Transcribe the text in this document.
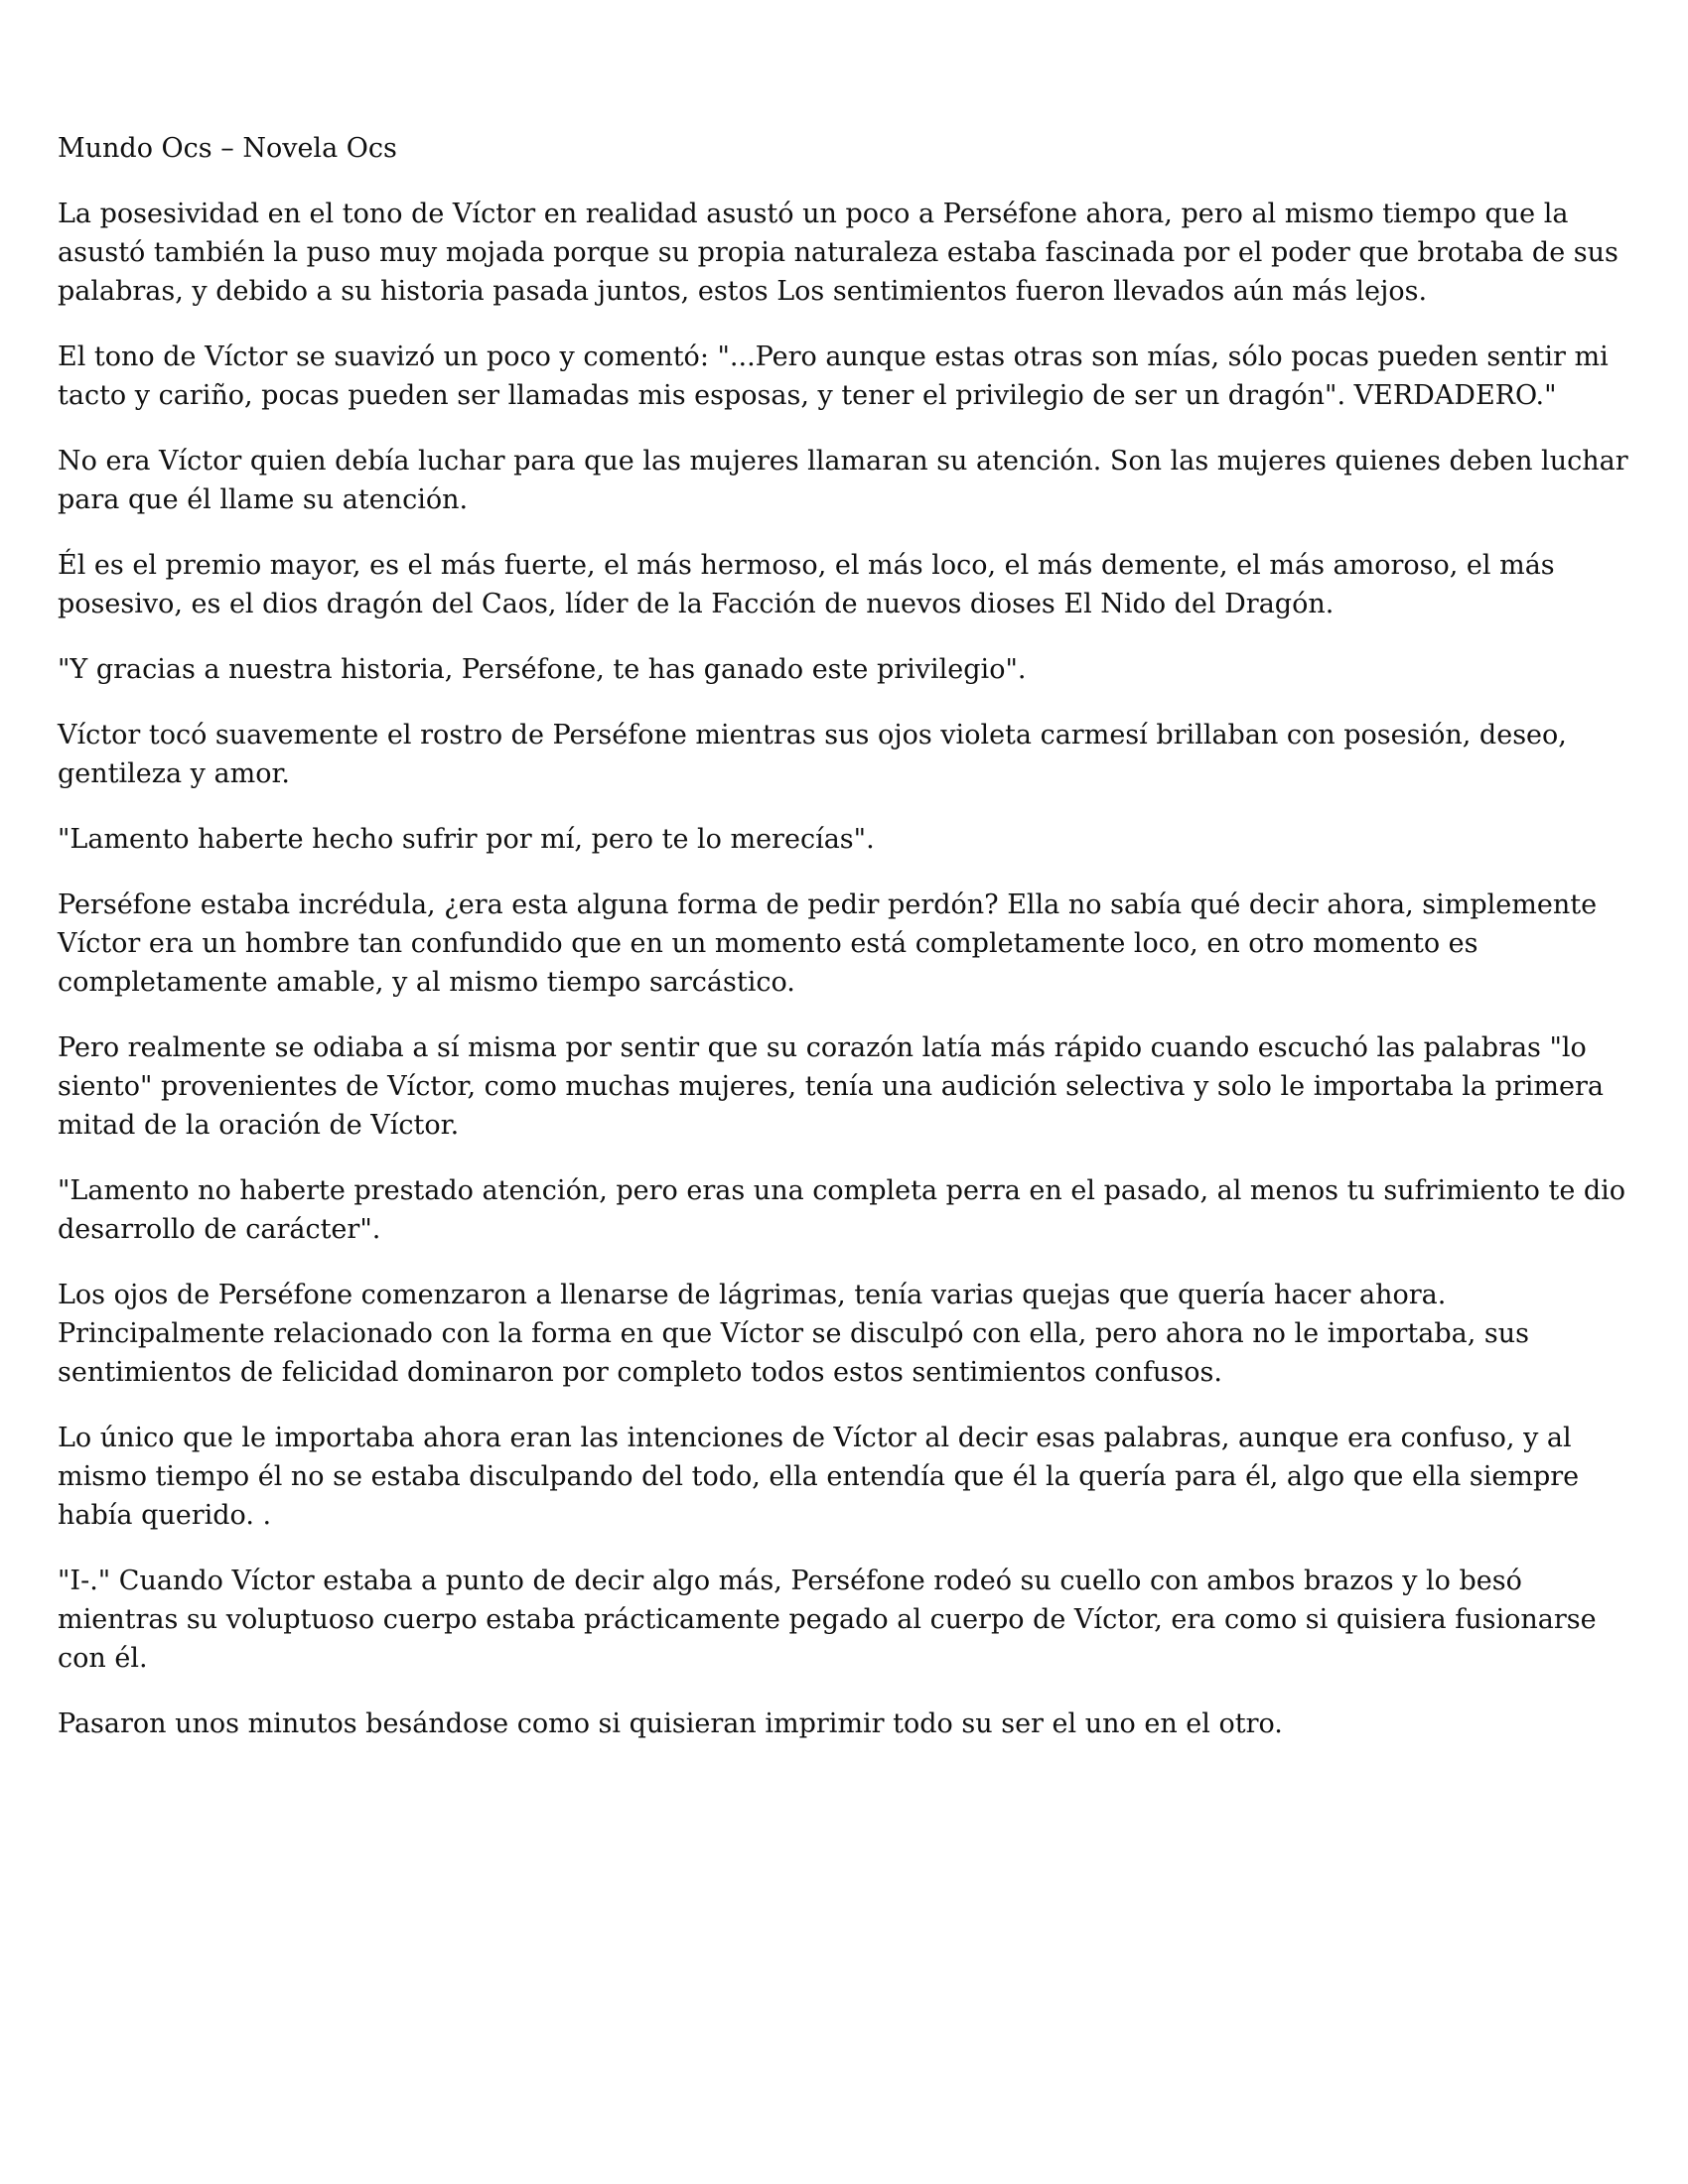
Mundo Ocs – Novela Ocs

La posesividad en el tono de Víctor en realidad asustó un poco a Perséfone ahora, pero al mismo tiempo que la asustó también la puso muy mojada porque su propia naturaleza estaba fascinada por el poder que brotaba de sus palabras, y debido a su historia pasada juntos, estos Los sentimientos fueron llevados aún más lejos.

El tono de Víctor se suavizó un poco y comentó: "...Pero aunque estas otras son mías, sólo pocas pueden sentir mi tacto y cariño, pocas pueden ser llamadas mis esposas, y tener el privilegio de ser un dragón". VERDADERO."

No era Víctor quien debía luchar para que las mujeres llamaran su atención. Son las mujeres quienes deben luchar para que él llame su atención.

Él es el premio mayor, es el más fuerte, el más hermoso, el más loco, el más demente, el más amoroso, el más posesivo, es el dios dragón del Caos, líder de la Facción de nuevos dioses El Nido del Dragón.

"Y gracias a nuestra historia, Perséfone, te has ganado este privilegio".

Víctor tocó suavemente el rostro de Perséfone mientras sus ojos violeta carmesí brillaban con posesión, deseo, gentileza y amor.

"Lamento haberte hecho sufrir por mí, pero te lo merecías".

Perséfone estaba incrédula, ¿era esta alguna forma de pedir perdón? Ella no sabía qué decir ahora, simplemente Víctor era un hombre tan confundido que en un momento está completamente loco, en otro momento es completamente amable, y al mismo tiempo sarcástico.

Pero realmente se odiaba a sí misma por sentir que su corazón latía más rápido cuando escuchó las palabras "lo siento" provenientes de Víctor, como muchas mujeres, tenía una audición selectiva y solo le importaba la primera mitad de la oración de Víctor.

"Lamento no haberte prestado atención, pero eras una completa perra en el pasado, al menos tu sufrimiento te dio desarrollo de carácter".

Los ojos de Perséfone comenzaron a llenarse de lágrimas, tenía varias quejas que quería hacer ahora. Principalmente relacionado con la forma en que Víctor se disculpó con ella, pero ahora no le importaba, sus sentimientos de felicidad dominaron por completo todos estos sentimientos confusos.

Lo único que le importaba ahora eran las intenciones de Víctor al decir esas palabras, aunque era confuso, y al mismo tiempo él no se estaba disculpando del todo, ella entendía que él la quería para él, algo que ella siempre había querido. .

"I-." Cuando Víctor estaba a punto de decir algo más, Perséfone rodeó su cuello con ambos brazos y lo besó mientras su voluptuoso cuerpo estaba prácticamente pegado al cuerpo de Víctor, era como si quisiera fusionarse con él.

Pasaron unos minutos besándose como si quisieran imprimir todo su ser el uno en el otro.
